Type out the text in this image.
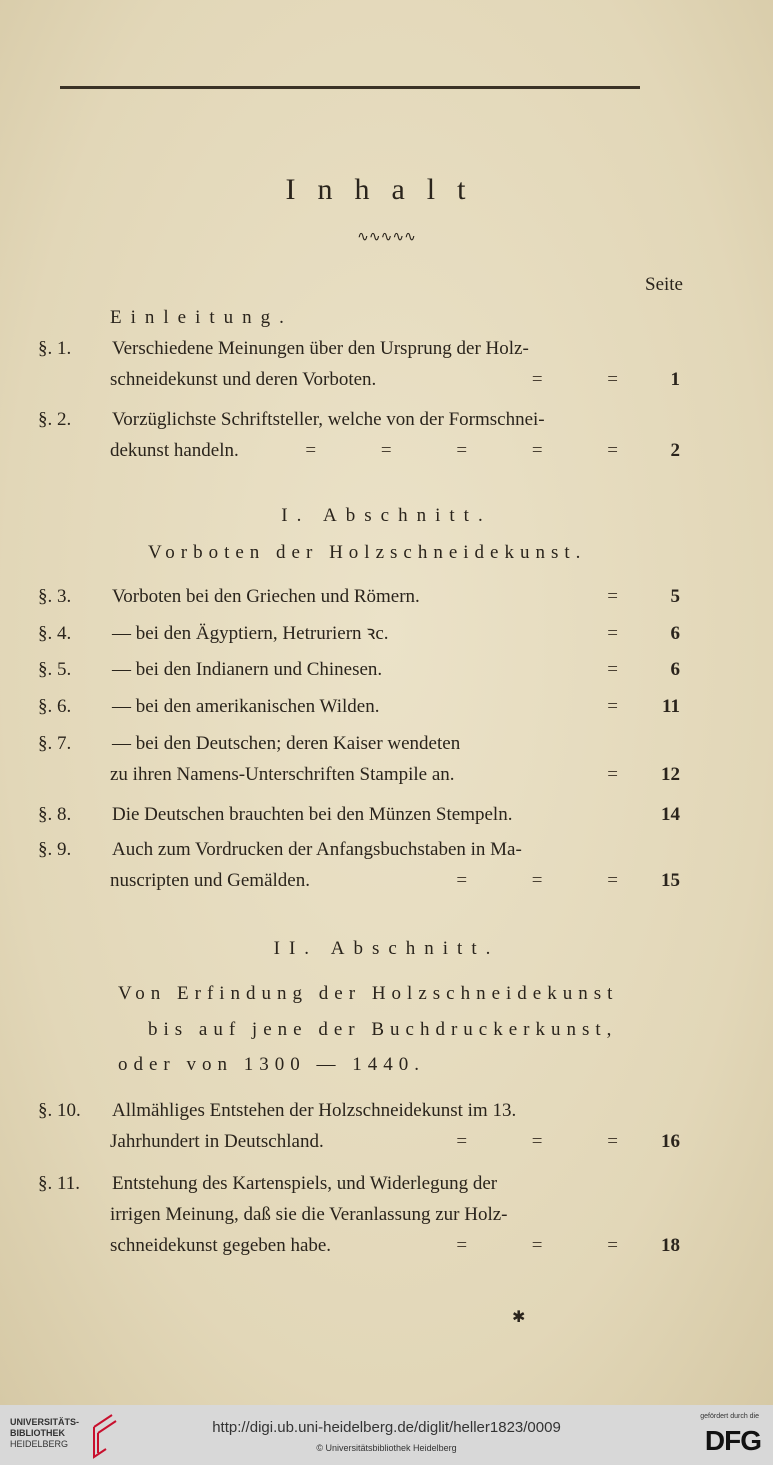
Inhalt
∿∿∿∿∿
Seite
Einleitung.
§. 1.	Verschiedene Meinungen über den Ursprung der Holz-
schneidekunst und deren Vorboten.	= = 1
§. 2.	Vorzüglichste Schriftsteller, welche von der Formschnei-
dekunst handeln.	= = = = = 2
I. Abschnitt.
Vorboten der Holzschneidekunst.
§. 3.	Vorboten bei den Griechen und Römern.	= 5
§. 4.	— bei den Ägyptiern, Hetruriern ꝛc.	= 6
§. 5.	— bei den Indianern und Chinesen.	= 6
§. 6.	— bei den amerikanischen Wilden.	= 11
§. 7.	— bei den Deutschen; deren Kaiser wendeten
zu ihren Namens-Unterschriften Stampile an.	= 12
§. 8.	Die Deutschen brauchten bei den Münzen Stempeln.	14
§. 9.	Auch zum Vordrucken der Anfangsbuchstaben in Ma-
nuscripten und Gemälden.	= = = 15
II. Abschnitt.
Von Erfindung der Holzschneidekunst
bis auf jene der Buchdruckerkunst,
oder von 1300 — 1440.
§. 10.	Allmähliges Entstehen der Holzschneidekunst im 13.
Jahrhundert in Deutschland.	= = = 16
§. 11.	Entstehung des Kartenspiels, und Widerlegung der
irrigen Meinung, daß sie die Veranlassung zur Holz-
schneidekunst gegeben habe.	= = = 18
✱
UNIVERSITÄTS-
BIBLIOTHEK
HEIDELBERG
http://digi.ub.uni-heidelberg.de/diglit/heller1823/0009
© Universitätsbibliothek Heidelberg
gefördert durch die
DFG
